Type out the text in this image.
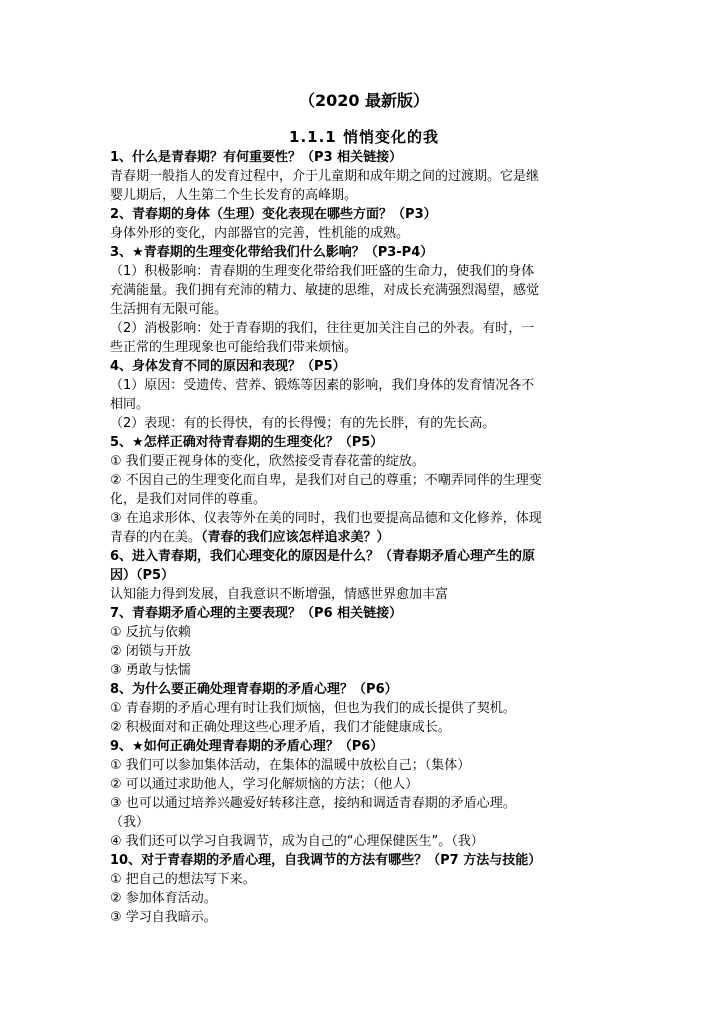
（2020 最新版）
1.1.1 悄悄变化的我
1、什么是青春期？有何重要性？（P3 相关链接）
青春期一般指人的发育过程中，介于儿童期和成年期之间的过渡期。它是继
婴儿期后，人生第二个生长发育的高峰期。
2、青春期的身体（生理）变化表现在哪些方面？（P3）
身体外形的变化，内部器官的完善，性机能的成熟。
3、★青春期的生理变化带给我们什么影响？（P3-P4）
（1）积极影响：青春期的生理变化带给我们旺盛的生命力，使我们的身体
充满能量。我们拥有充沛的精力、敏捷的思维，对成长充满强烈渴望，感觉
生活拥有无限可能。
（2）消极影响：处于青春期的我们，往往更加关注自己的外表。有时，一
些正常的生理现象也可能给我们带来烦恼。
4、身体发育不同的原因和表现？（P5）
（1）原因：受遗传、营养、锻炼等因素的影响，我们身体的发育情况各不
相同。
（2）表现：有的长得快，有的长得慢；有的先长胖，有的先长高。
5、★怎样正确对待青春期的生理变化？（P5）
① 我们要正视身体的变化，欣然接受青春花蕾的绽放。
② 不因自己的生理变化而自卑，是我们对自己的尊重；不嘲弄同伴的生理变
化，是我们对同伴的尊重。
③ 在追求形体、仪表等外在美的同时，我们也要提高品德和文化修养，体现
青春的内在美。（青春的我们应该怎样追求美？）
6、进入青春期，我们心理变化的原因是什么？（青春期矛盾心理产生的原
因）（P5）
认知能力得到发展，自我意识不断增强，情感世界愈加丰富
7、青春期矛盾心理的主要表现？（P6 相关链接）
① 反抗与依赖
② 闭锁与开放
③ 勇敢与怯懦
8、为什么要正确处理青春期的矛盾心理？（P6）
① 青春期的矛盾心理有时让我们烦恼，但也为我们的成长提供了契机。
② 积极面对和正确处理这些心理矛盾，我们才能健康成长。
9、★如何正确处理青春期的矛盾心理？（P6）
① 我们可以参加集体活动，在集体的温暖中放松自己；（集体）
② 可以通过求助他人，学习化解烦恼的方法；（他人）
③ 也可以通过培养兴趣爱好转移注意，接纳和调适青春期的矛盾心理。
（我）
④ 我们还可以学习自我调节，成为自己的“心理保健医生”。（我）
10、对于青春期的矛盾心理，自我调节的方法有哪些？（P7 方法与技能）
① 把自己的想法写下来。
② 参加体育活动。
③ 学习自我暗示。
